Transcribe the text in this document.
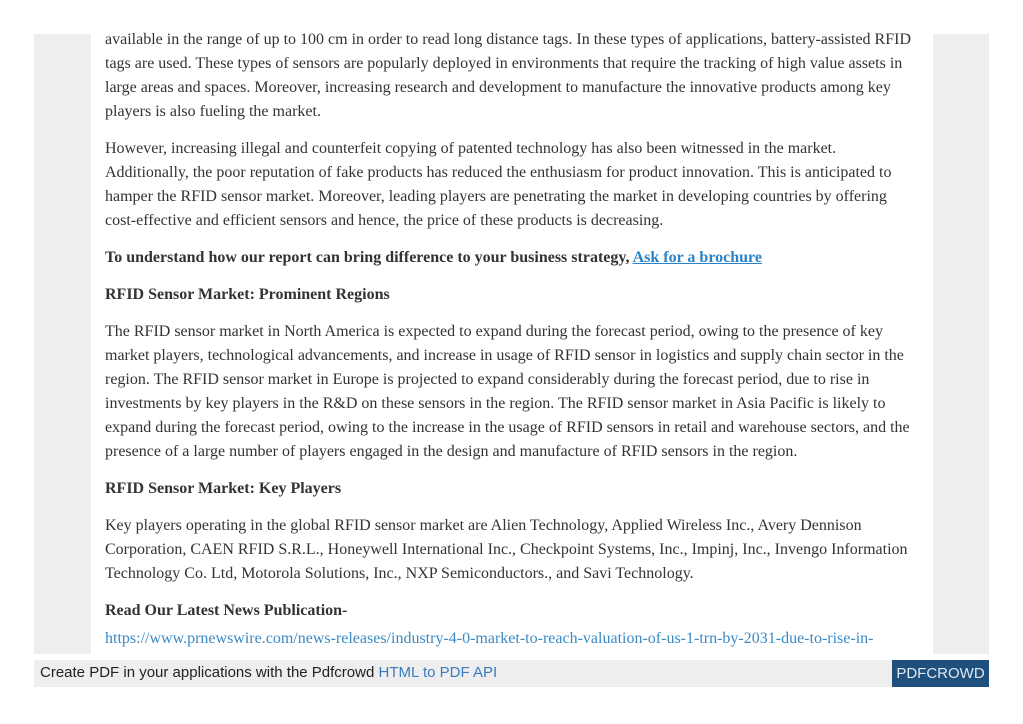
available in the range of up to 100 cm in order to read long distance tags. In these types of applications, battery-assisted RFID tags are used. These types of sensors are popularly deployed in environments that require the tracking of high value assets in large areas and spaces. Moreover, increasing research and development to manufacture the innovative products among key players is also fueling the market.

However, increasing illegal and counterfeit copying of patented technology has also been witnessed in the market. Additionally, the poor reputation of fake products has reduced the enthusiasm for product innovation. This is anticipated to hamper the RFID sensor market. Moreover, leading players are penetrating the market in developing countries by offering cost-effective and efficient sensors and hence, the price of these products is decreasing.

To understand how our report can bring difference to your business strategy, Ask for a brochure

RFID Sensor Market: Prominent Regions

The RFID sensor market in North America is expected to expand during the forecast period, owing to the presence of key market players, technological advancements, and increase in usage of RFID sensor in logistics and supply chain sector in the region. The RFID sensor market in Europe is projected to expand considerably during the forecast period, due to rise in investments by key players in the R&D on these sensors in the region. The RFID sensor market in Asia Pacific is likely to expand during the forecast period, owing to the increase in the usage of RFID sensors in retail and warehouse sectors, and the presence of a large number of players engaged in the design and manufacture of RFID sensors in the region.

RFID Sensor Market: Key Players

Key players operating in the global RFID sensor market are Alien Technology, Applied Wireless Inc., Avery Dennison Corporation, CAEN RFID S.R.L., Honeywell International Inc., Checkpoint Systems, Inc., Impinj, Inc., Invengo Information Technology Co. Ltd, Motorola Solutions, Inc., NXP Semiconductors., and Savi Technology.

Read Our Latest News Publication-

https://www.prnewswire.com/news-releases/industry-4-0-market-to-reach-valuation-of-us-1-trn-by-2031-due-to-rise-in-
Create PDF in your applications with the Pdfcrowd HTML to PDF API	PDFCROWD
